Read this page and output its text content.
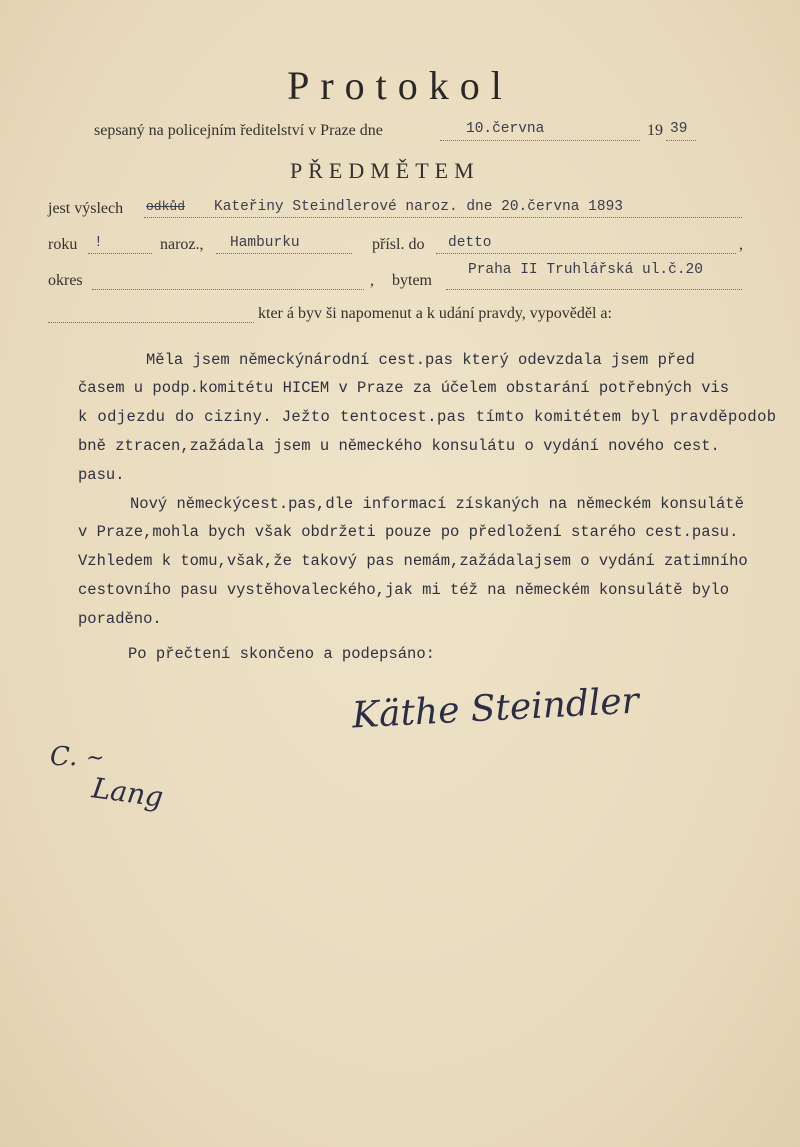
Protokol
sepsaný na policejním ředitelství v Praze dne	10.června	19 39
PŘEDMĚTEM
jest výslech odkůd Kateřiny Steindlerové naroz. dne 20.června 1893
roku !	naroz., Hamburku	přísl. do detto	,
okres	, bytem
Praha II Truhlářská ul.č.20
kter á byv ši napomenut a k udání pravdy, vypověděl a:
Měla jsem německýnárodní cest.pas který odevzdala jsem před
časem u podp.komitétu HICEM v Praze za účelem obstarání potřebných vis
k odjezdu do ciziny. Ježto tentocest.pas tímto komitétem byl pravděpodob
bně ztracen,zažádala jsem u německého konsulátu o vydání nového cest.
pasu.
Nový německýcest.pas,dle informací získaných na německém konsulátě
v Praze,mohla bych však obdržeti pouze po předložení starého cest.pasu.
Vzhledem k tomu,však,že takový pas nemám,zažádalajsem o vydání zatimního
cestovního pasu vystěhovaleckého,jak mi též na německém konsulátě bylo
poraděno.
Po přečtení skončeno a podepsáno:
Käthe Steindler
C. ~
Lang
